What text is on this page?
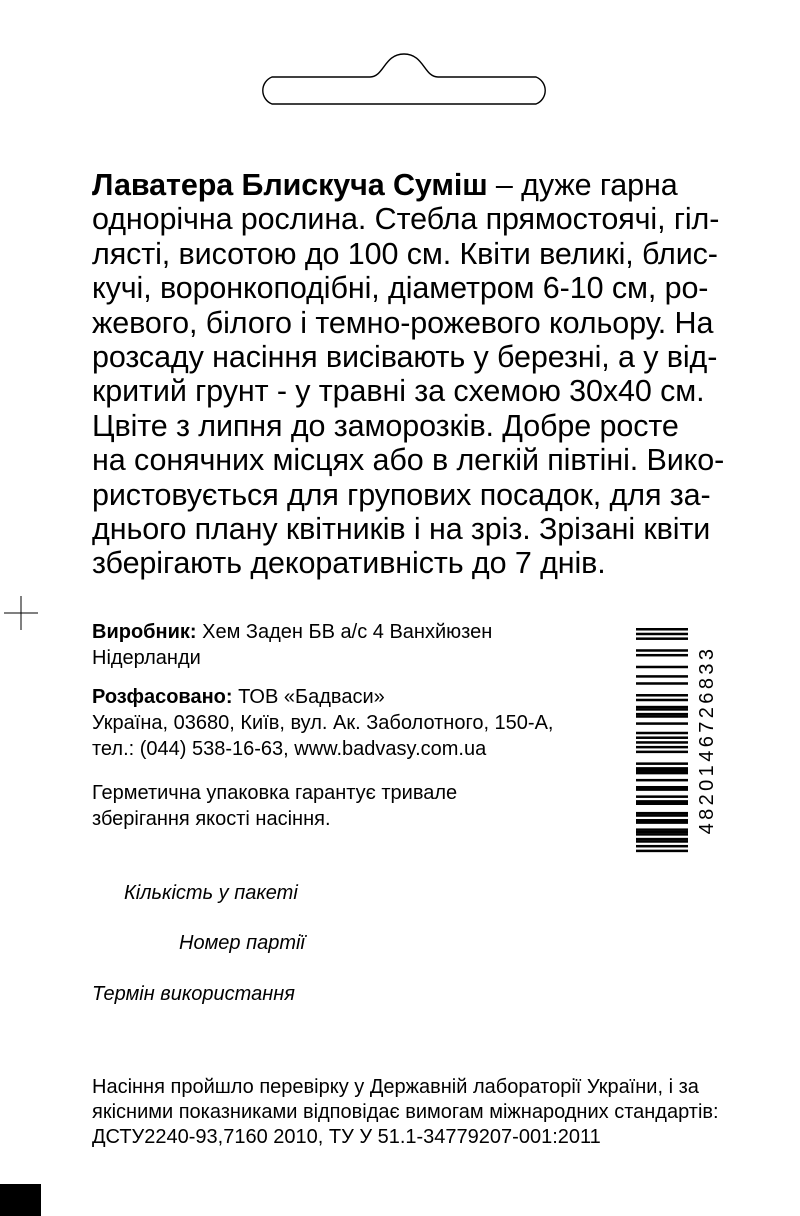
Лаватера Блискуча Суміш – дуже гарна
однорічна рослина. Стебла прямостоячі, гіл-
лясті, висотою до 100 см. Квіти великі, блис-
кучі, воронкоподібні, діаметром 6-10 см, ро-
жевого, білого і темно-рожевого кольору. На
розсаду насіння висівають у березні, а у від-
критий грунт - у травні за схемою 30х40 см.
Цвіте з липня до заморозків. Добре росте
на сонячних місцях або в легкій півтіні. Вико-
ристовується для групових посадок, для за-
днього плану квітників і на зріз. Зрізані квіти
зберігають декоративність до 7 днів.
Виробник: Хем Заден БВ а/с 4 Ванхйюзен
Нідерланди
Розфасовано: ТОВ «Бадваси»
Україна, 03680, Київ, вул. Ак. Заболотного, 150-А,
тел.: (044) 538-16-63, www.badvasy.com.ua
Герметична упаковка гарантує тривале
зберігання якості насіння.
Кількість у пакеті
Номер партії
Термін використання
Насіння пройшло перевірку у Державній лабораторії України, і за
якісними показниками відповідає вимогам міжнародних стандартів:
ДСТУ2240-93,7160 2010, ТУ У 51.1-34779207-001:2011
4820146726833
